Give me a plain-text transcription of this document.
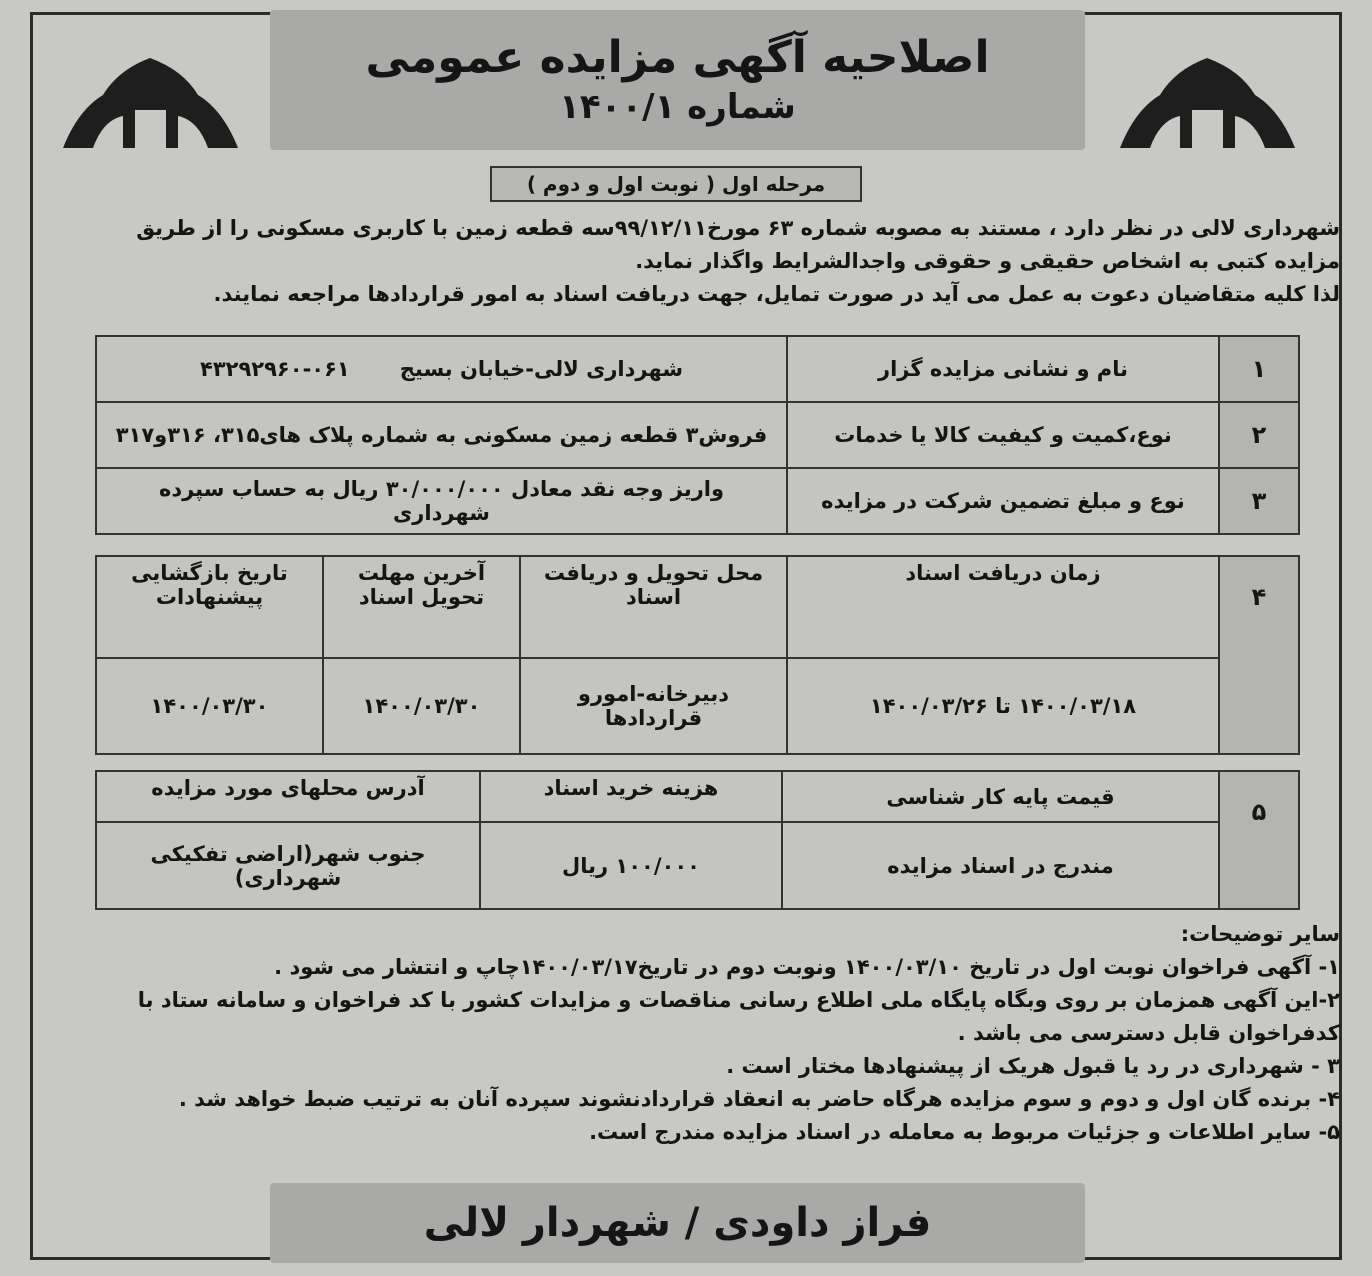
اصلاحیه آگهی مزایده عمومی
شماره ۱۴۰۰/۱
مرحله اول ( نوبت اول و دوم )
شهرداری لالی در نظر دارد ، مستند به مصوبه شماره ۶۳ مورخ۹۹/۱۲/۱۱سه قطعه زمین با کاربری مسکونی را از طریق مزایده کتبی به اشخاص حقیقی و حقوقی واجدالشرایط واگذار نماید.
لذا کلیه متقاضیان دعوت به عمل می آید در صورت تمایل، جهت دریافت اسناد به امور قراردادها مراجعه نمایند.
۱	نام و نشانی مزایده گزار	شهرداری لالی-خیابان بسیج۰۶۱-۴۳۲۹۲۹۶۰
۲	نوع،کمیت و کیفیت کالا یا خدمات	فروش۳ قطعه زمین مسکونی به شماره پلاک های۳۱۵، ۳۱۶و۳۱۷
۳	نوع و مبلغ تضمین شرکت در مزایده	واریز وجه نقد معادل ۳۰/۰۰۰/۰۰۰ ریال به حساب سپرده شهرداری
۴	زمان دریافت اسناد	محل تحویل و دریافت اسناد	آخرین مهلت تحویل اسناد	تاریخ بازگشایی پیشنهادات
	۱۴۰۰/۰۳/۱۸ تا ۱۴۰۰/۰۳/۲۶	دبیرخانه-امورو قراردادها	۱۴۰۰/۰۳/۳۰	۱۴۰۰/۰۳/۳۰
۵	قیمت پایه کار شناسی	هزینه خرید اسناد	آدرس محلهای مورد مزایده
	مندرج در اسناد مزایده	۱۰۰/۰۰۰ ریال	جنوب شهر(اراضی تفکیکی شهرداری)
سایر توضیحات:
۱- آگهی فراخوان نوبت اول در تاریخ ۱۴۰۰/۰۳/۱۰ ونوبت دوم در تاریخ۱۴۰۰/۰۳/۱۷چاپ و انتشار می شود .
۲-این آگهی همزمان بر روی وبگاه پایگاه ملی اطلاع رسانی مناقصات و مزایدات کشور با کد فراخوان و سامانه ستاد با کدفراخوان قابل دسترسی می باشد .
۳ - شهرداری در رد یا قبول هریک از پیشنهادها مختار است .
۴- برنده گان اول و دوم و سوم مزایده هرگاه حاضر به انعقاد قراردادنشوند سپرده آنان به ترتیب ضبط خواهد شد .
۵- سایر اطلاعات و جزئیات مربوط به معامله در اسناد مزایده مندرج است.
فراز داودی / شهردار لالی
